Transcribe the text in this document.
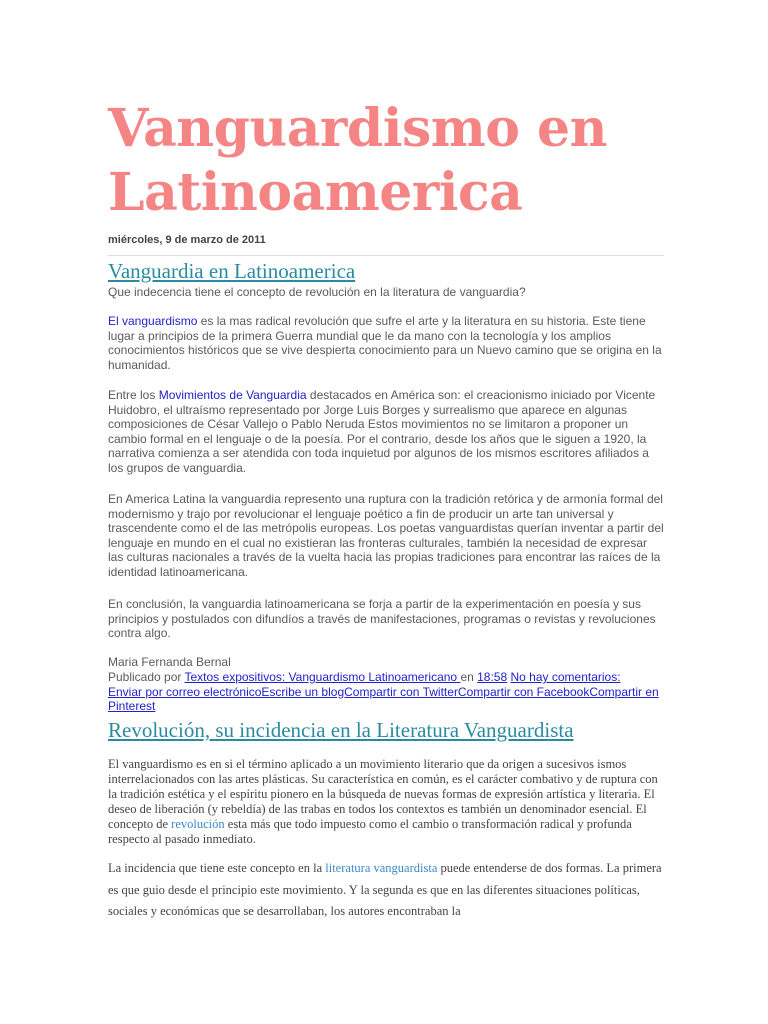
Vanguardismo en Latinoamerica
miércoles, 9 de marzo de 2011
Vanguardia en Latinoamerica

Que indecencia tiene el concepto de revolución en la literatura de vanguardia?

El vanguardismo es la mas radical revolución que sufre el arte y la literatura en su historia. Este tiene lugar a principios de la primera Guerra mundial que le da mano con la tecnología y los amplios conocimientos históricos que se vive despierta conocimiento para un Nuevo camino que se origina en la humanidad.

Entre los Movimientos de Vanguardia destacados en América son: el creacionismo iniciado por Vicente Huidobro, el ultraísmo representado por Jorge Luis Borges y surrealismo que aparece en algunas composiciones de César Vallejo o Pablo Neruda Estos movimientos no se limitaron a proponer un cambio formal en el lenguaje o de la poesía. Por el contrario, desde los años que le siguen a 1920, la narrativa comienza a ser atendida con toda inquietud por algunos de los mismos escritores afiliados a los grupos de vanguardia.

En America Latina la vanguardia represento una ruptura con la tradición retórica y de armonía formal del modernismo y trajo por revolucionar el lenguaje poético a fin de producir un arte tan universal y trascendente como el de las metrópolis europeas. Los poetas vanguardistas querían inventar a partir del lenguaje en mundo en el cual no existieran las fronteras culturales, también la necesidad de expresar las culturas nacionales a través de la vuelta hacia las propias tradiciones para encontrar las raíces de la identidad latinoamericana.

En conclusión, la vanguardia latinoamericana se forja a partir de la experimentación en poesía y sus principios y postulados con difundíos a través de manifestaciones, programas o revistas y revoluciones contra algo.

Maria Fernanda Bernal

Publicado por Textos expositivos: Vanguardismo Latinoamericano en 18:58 No hay comentarios:
Enviar por correo electrónicoEscribe un blogCompartir con TwitterCompartir con FacebookCompartir en Pinterest

Revolución, su incidencia en la Literatura Vanguardista

El vanguardismo es en si el término aplicado a un movimiento literario que da origen a sucesivos ismos interrelacionados con las artes plásticas. Su característica en común, es el carácter combativo y de ruptura con la tradición estética y el espíritu pionero en la búsqueda de nuevas formas de expresión artística y literaria. El deseo de liberación (y rebeldía) de las trabas en todos los contextos es también un denominador esencial. El concepto de revolución esta más que todo impuesto como el cambio o transformación radical y profunda respecto al pasado inmediato.

La incidencia que tiene este concepto en la literatura vanguardista puede entenderse de dos formas. La primera es que guio desde el principio este movimiento. Y la segunda es que en las diferentes situaciones políticas, sociales y económicas que se desarrollaban, los autores encontraban la
